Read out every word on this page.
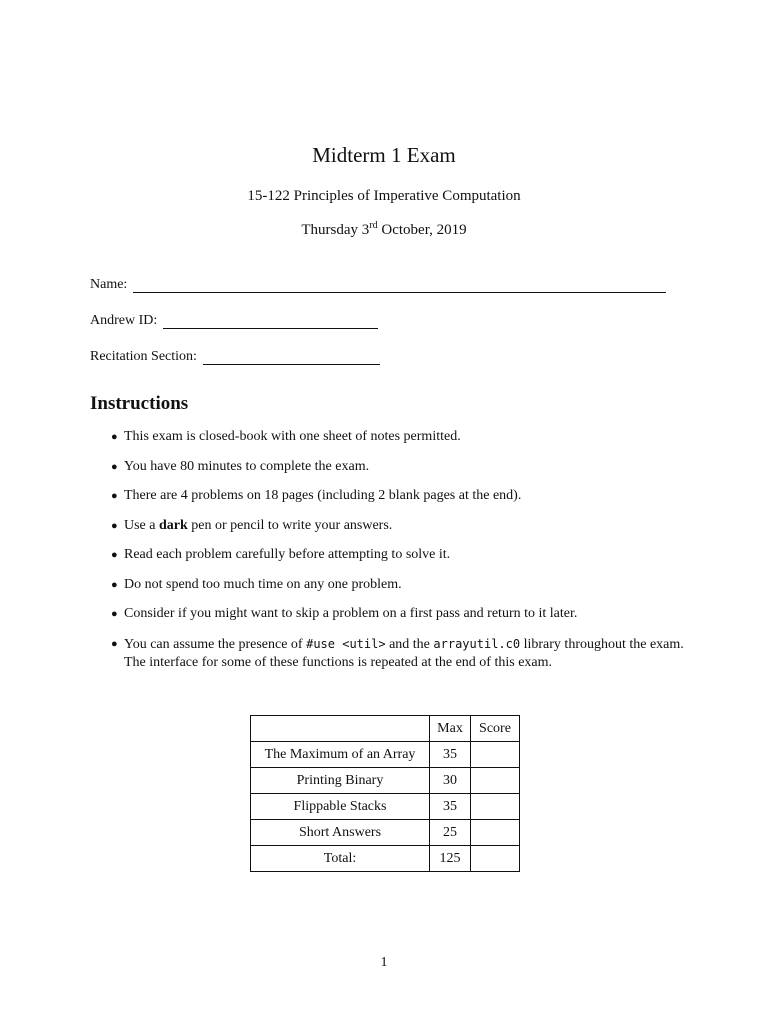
Midterm 1 Exam
15-122 Principles of Imperative Computation
Thursday 3rd October, 2019
Name:
Andrew ID:
Recitation Section:
Instructions
● This exam is closed-book with one sheet of notes permitted.
● You have 80 minutes to complete the exam.
● There are 4 problems on 18 pages (including 2 blank pages at the end).
● Use a dark pen or pencil to write your answers.
● Read each problem carefully before attempting to solve it.
● Do not spend too much time on any one problem.
● Consider if you might want to skip a problem on a first pass and return to it later.
● You can assume the presence of #use <util> and the arrayutil.c0 library throughout the exam. The interface for some of these functions is repeated at the end of this exam.
	Max	Score
The Maximum of an Array	35	
Printing Binary	30	
Flippable Stacks	35	
Short Answers	25	
Total:	125	
1
